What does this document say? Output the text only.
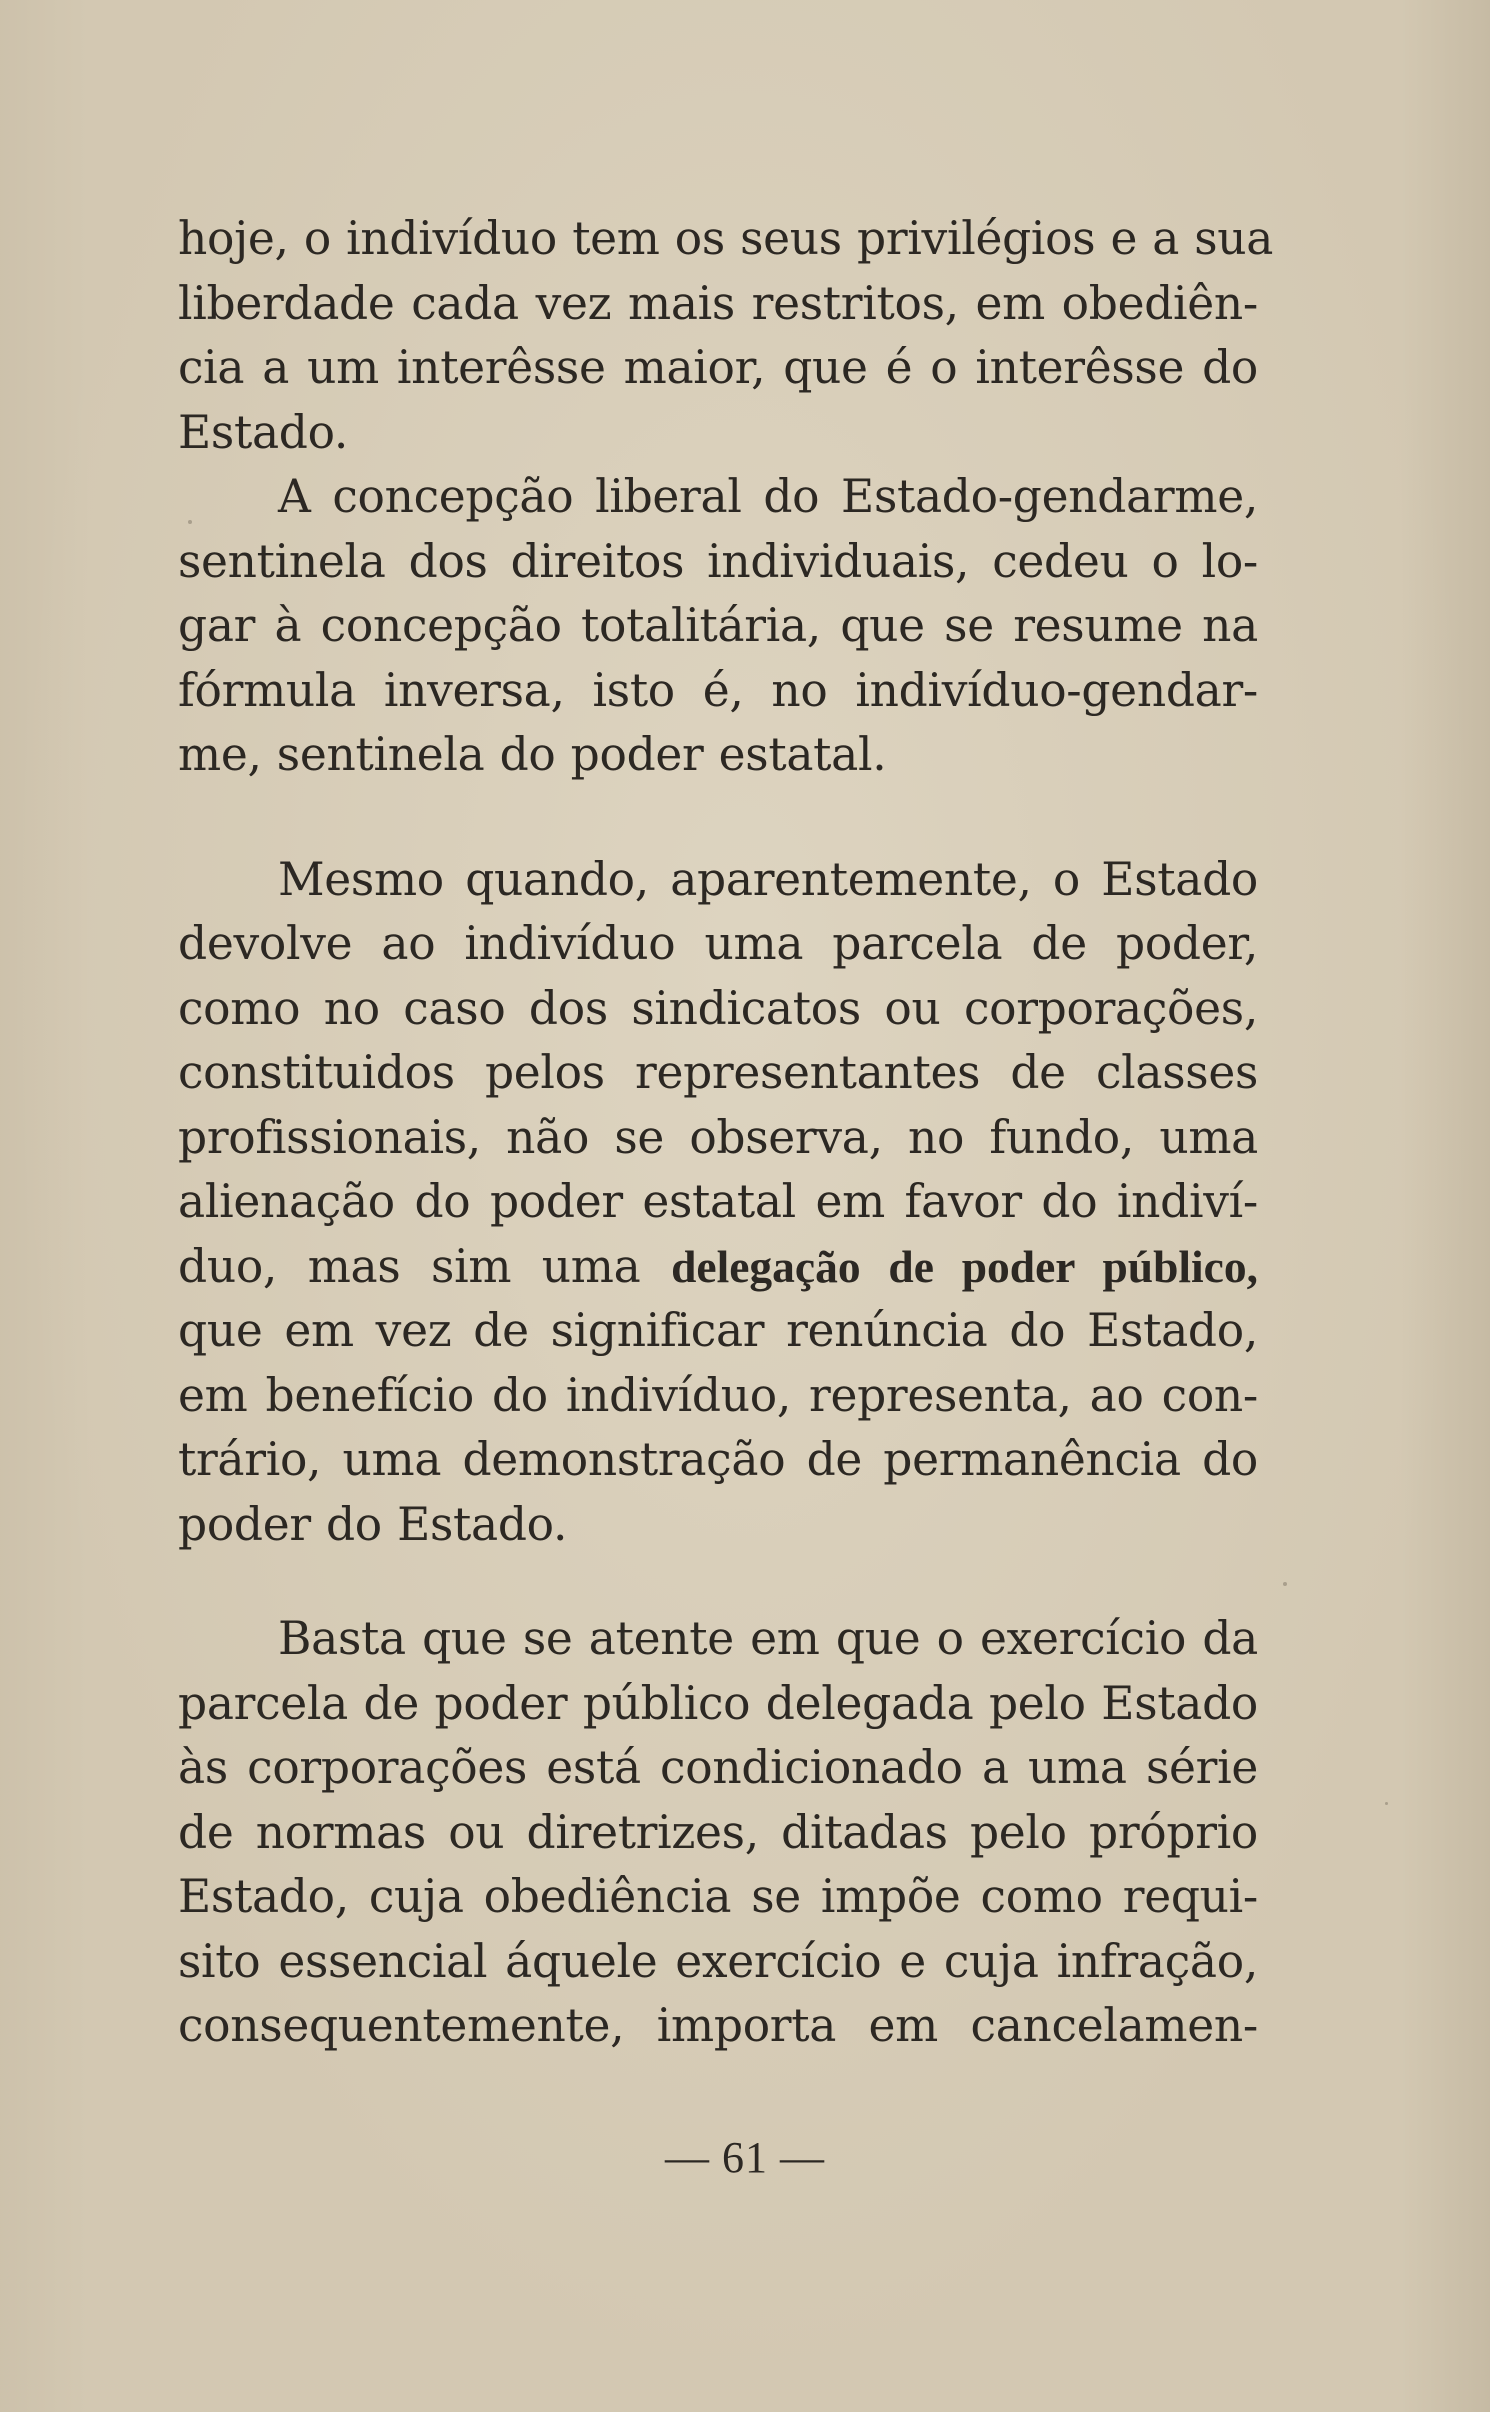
hoje, o indivíduo tem os seus privilégios e a sua
liberdade cada vez mais restritos, em obediên-
cia a um interêsse maior, que é o interêsse do
Estado.

A concepção liberal do Estado-gendarme,
sentinela dos direitos individuais, cedeu o lo-
gar à concepção totalitária, que se resume na
fórmula inversa, isto é, no indivíduo-gendar-
me, sentinela do poder estatal.

Mesmo quando, aparentemente, o Estado
devolve ao indivíduo uma parcela de poder,
como no caso dos sindicatos ou corporações,
constituidos pelos representantes de classes
profissionais, não se observa, no fundo, uma
alienação do poder estatal em favor do indiví-
duo, mas sim uma delegação de poder público,
que em vez de significar renúncia do Estado,
em benefício do indivíduo, representa, ao con-
trário, uma demonstração de permanência do
poder do Estado.

Basta que se atente em que o exercício da
parcela de poder público delegada pelo Estado
às corporações está condicionado a uma série
de normas ou diretrizes, ditadas pelo próprio
Estado, cuja obediência se impõe como requi-
sito essencial áquele exercício e cuja infração,
consequentemente, importa em cancelamen-

— 61 —
